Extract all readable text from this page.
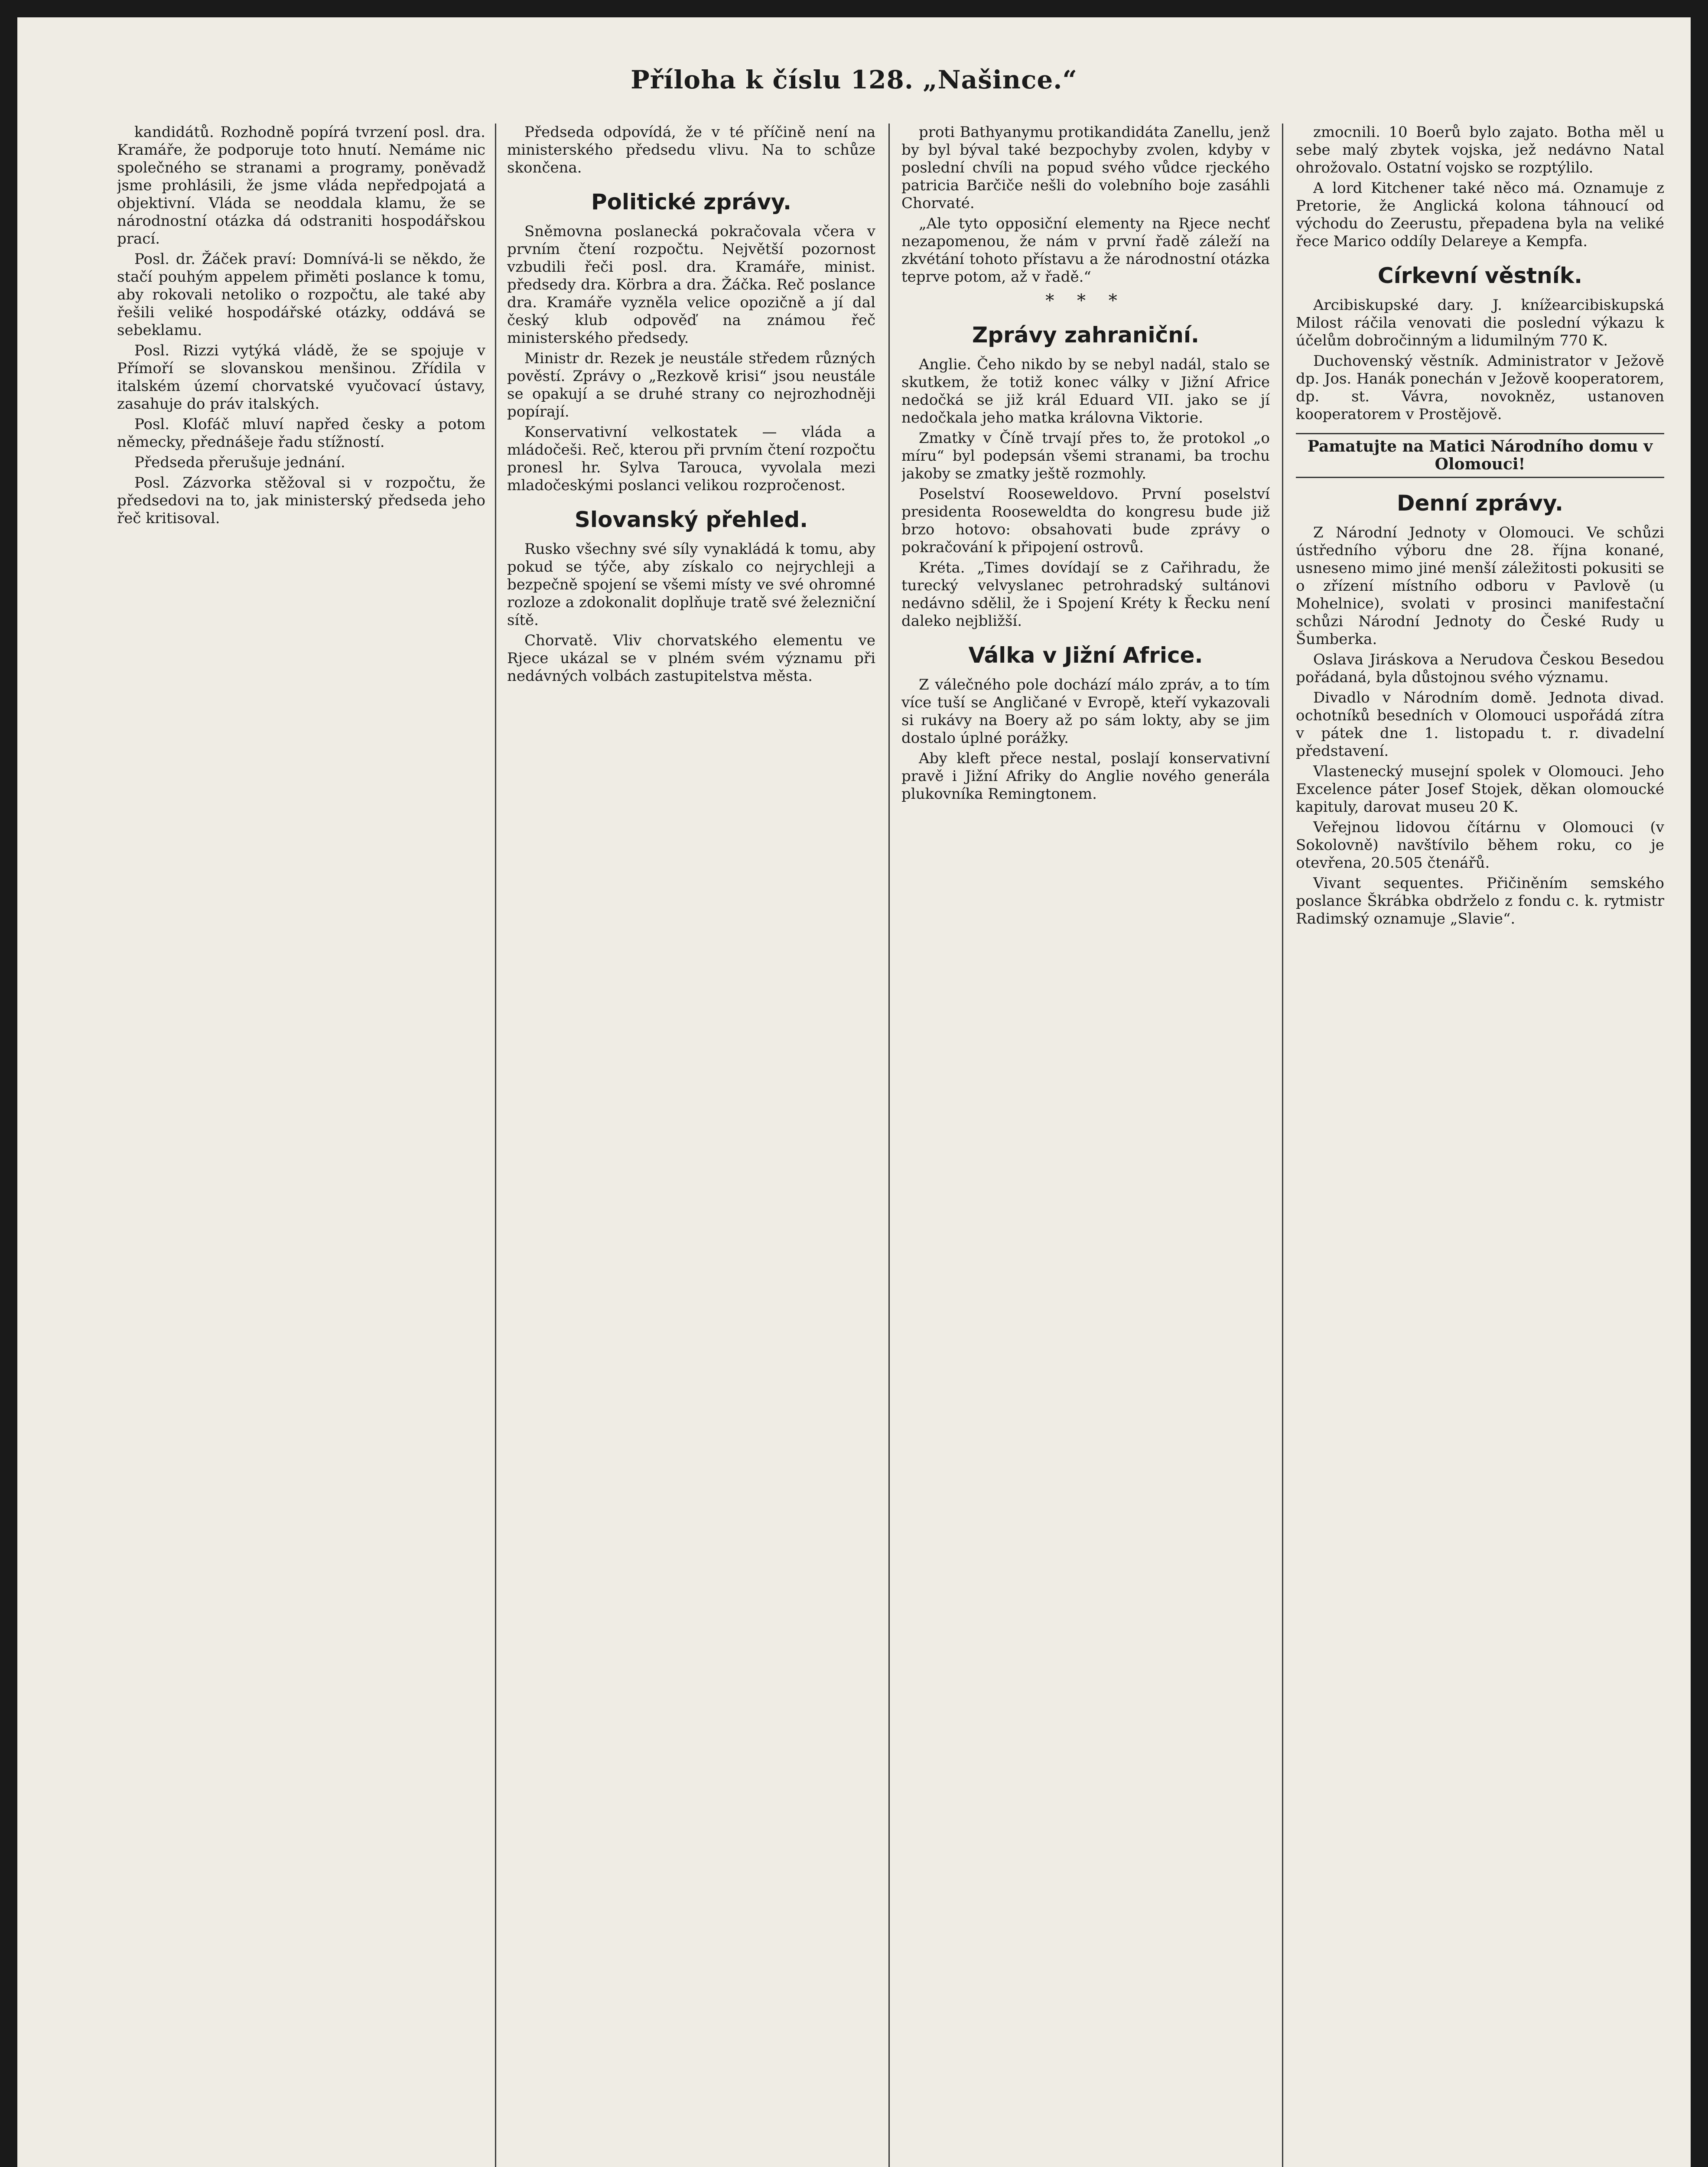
Příloha k číslu 128. „Našince.“

kandidátů. Rozhodně popírá tvrzení posl. dra. Kramáře, že podporuje toto hnutí. Nemáme nic společného se stranami a programy, poněvadž jsme prohlásili, že jsme vláda nepředpojatá a objektivní. Vláda se neoddala klamu, že se národnostní otázka dá odstraniti hospodářskou prací.

Posl. dr. Žáček praví: Domnívá-li se někdo, že stačí pouhým appelem přiměti poslance k tomu, aby rokovali netoliko o rozpočtu, ale také aby řešili veliké hospodářské otázky, oddává se sebeklamu.

Posl. Rizzi vytýká vládě, že se spojuje v Přímoří se slovanskou menšinou. Zřídila v italském území chorvatské vyučovací ústavy, zasahuje do práv italských.

Posl. Klofáč mluví napřed česky a potom německy, přednášeje řadu stížností.

Předseda přerušuje jednání.

Posl. Zázvorka stěžoval si v rozpočtu, že předsedovi na to, jak ministerský předseda jeho řeč kritisoval.

Předseda odpovídá, že v té příčině není na ministerského předsedu vlivu. Na to schůze skončena.

Politické zprávy.

Sněmovna poslanecká pokračovala včera v prvním čtení rozpočtu. Největší pozornost vzbudili řeči posl. dra. Kramáře, minist. předsedy dra. Körbra a dra. Žáčka. Reč poslance dra. Kramáře vyzněla velice opozičně a jí dal český klub odpověď na známou řeč ministerského předsedy.

Ministr dr. Rezek je neustále středem různých pověstí. Zprávy o „Rezkově krisi“ jsou neustále se opakují a se druhé strany co nejrozhodněji popírají.

Konservativní velkostatek — vláda a mládočeši. Reč, kterou při prvním čtení rozpočtu pronesl hr. Sylva Tarouca, vyvolala mezi mladočeskými poslanci velikou rozpročenost.

Slovanský přehled.

Rusko všechny své síly vynakládá k tomu, aby pokud se týče, aby získalo co nejrychleji a bezpečně spojení se všemi místy ve své ohromné rozloze a zdokonalit doplňuje tratě své železniční sítě.

Chorvatě. Vliv chorvatského elementu ve Rjece ukázal se v plném svém významu při nedávných volbách zastupitelstva města.

proti Bathyanymu protikandidáta Zanellu, jenž by byl býval také bezpochyby zvolen, kdyby v poslední chvíli na popud svého vůdce rjeckého patricia Barčiče nešli do volebního boje zasáhli Chorvaté.

„Ale tyto opposiční elementy na Rjece nechť nezapomenou, že nám v první řadě záleží na zkvétání tohoto přístavu a že národnostní otázka teprve potom, až v řadě.“

* * *
Zprávy zahraniční.

Anglie. Čeho nikdo by se nebyl nadál, stalo se skutkem, že totiž konec války v Jižní Africe nedočká se již král Eduard VII. jako se jí nedočkala jeho matka královna Viktorie.

Zmatky v Číně trvají přes to, že protokol „o míru“ byl podepsán všemi stranami, ba trochu jakoby se zmatky ještě rozmohly.

Poselství Rooseweldovo. První poselství presidenta Rooseweldta do kongresu bude již brzo hotovo: obsahovati bude zprávy o pokračování k připojení ostrovů.

Kréta. „Times dovídají se z Cařihradu, že turecký velvyslanec petrohradský sultánovi nedávno sdělil, že i Spojení Kréty k Řecku není daleko nejbližší.

Válka v Jižní Africe.

Z válečného pole dochází málo zpráv, a to tím více tuší se Angličané v Evropě, kteří vykazovali si rukávy na Boery až po sám lokty, aby se jim dostalo úplné porážky.

Aby kleft přece nestal, poslají konservativní pravě i Jižní Afriky do Anglie nového generála plukovníka Remingtonem.

zmocnili. 10 Boerů bylo zajato. Botha měl u sebe malý zbytek vojska, jež nedávno Natal ohrožovalo. Ostatní vojsko se rozptýlilo.

A lord Kitchener také něco má. Oznamuje z Pretorie, že Anglická kolona táhnoucí od východu do Zeerustu, přepadena byla na veliké řece Marico oddíly Delareye a Kempfa.

Církevní věstník.

Arcibiskupské dary. J. knížearcibiskupská Milost ráčila venovati die poslední výkazu k účelům dobročinným a lidumilným 770 K.

Duchovenský věstník. Administrator v Ježově dp. Jos. Hanák ponechán v Ježově kooperatorem, dp. st. Vávra, novokněz, ustanoven kooperatorem v Prostějově.

Pamatujte na Matici Národního domu v Olomouci!
Denní zprávy.

Z Národní Jednoty v Olomouci. Ve schůzi ústředního výboru dne 28. října konané, usneseno mimo jiné menší záležitosti pokusiti se o zřízení místního odboru v Pavlově (u Mohelnice), svolati v prosinci manifestační schůzi Národní Jednoty do České Rudy u Šumberka.

Oslava Jiráskova a Nerudova Českou Besedou pořádaná, byla důstojnou svého významu.

Divadlo v Národním domě. Jednota divad. ochotníků besedních v Olomouci uspořádá zítra v pátek dne 1. listopadu t. r. divadelní představení.

Vlastenecký musejní spolek v Olomouci. Jeho Excelence páter Josef Stojek, děkan olomoucké kapituly, darovat museu 20 K.

Veřejnou lidovou čítárnu v Olomouci (v Sokolovně) navštívilo během roku, co je otevřena, 20.505 čtenářů.

Vivant sequentes. Přičiněním semského poslance Škrábka obdrželo z fondu c. k. rytmistr Radimský oznamuje „Slavie“.
